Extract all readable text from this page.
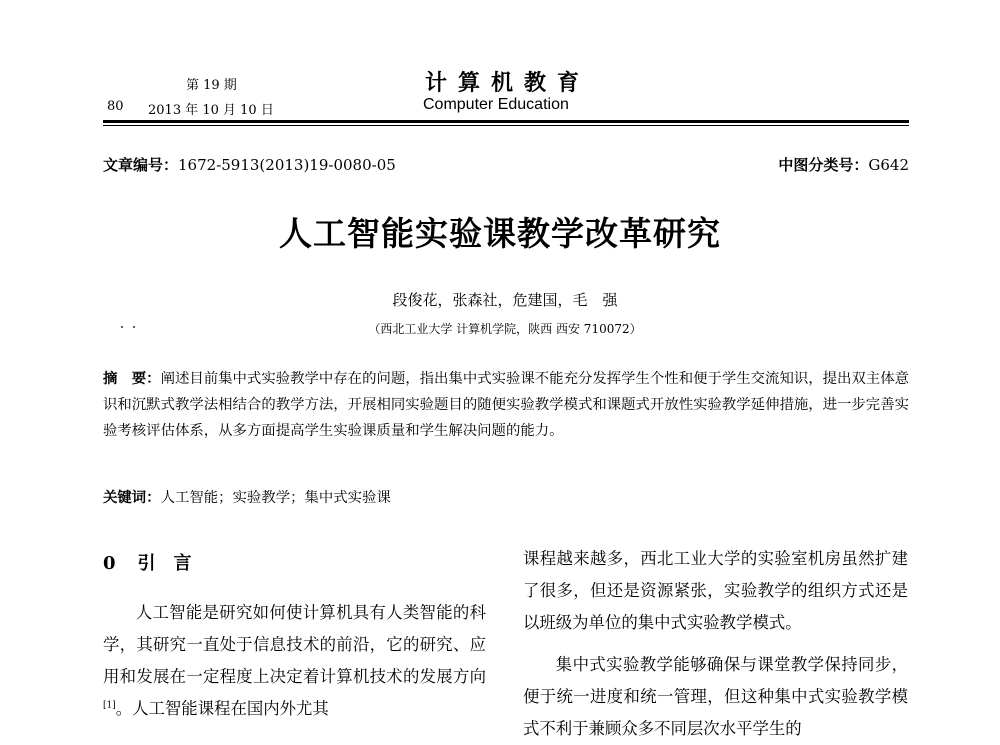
第 19 期
80 2013 年 10 月 10 日
计算机教育
Computer Education
文章编号：1672-5913(2013)19-0080-05	中图分类号：G642
人工智能实验课教学改革研究
段俊花，张森社，危建国，毛　强
（西北工业大学 计算机学院，陕西 西安 710072）
摘　要：阐述目前集中式实验教学中存在的问题，指出集中式实验课不能充分发挥学生个性和便于学生交流知识，提出双主体意识和沉默式教学法相结合的教学方法，开展相同实验题目的随便实验教学模式和课题式开放性实验教学延伸措施，进一步完善实验考核评估体系，从多方面提高学生实验课质量和学生解决问题的能力。
关键词：人工智能；实验教学；集中式实验课
0 引　言

人工智能是研究如何使计算机具有人类智能的科学，其研究一直处于信息技术的前沿，它的研究、应用和发展在一定程度上决定着计算机技术的发展方向[1]。人工智能课程在国内外尤其

课程越来越多，西北工业大学的实验室机房虽然扩建了很多，但还是资源紧张，实验教学的组织方式还是以班级为单位的集中式实验教学模式。

集中式实验教学能够确保与课堂教学保持同步，便于统一进度和统一管理，但这种集中式实验教学模式不利于兼顾众多不同层次水平学生的
